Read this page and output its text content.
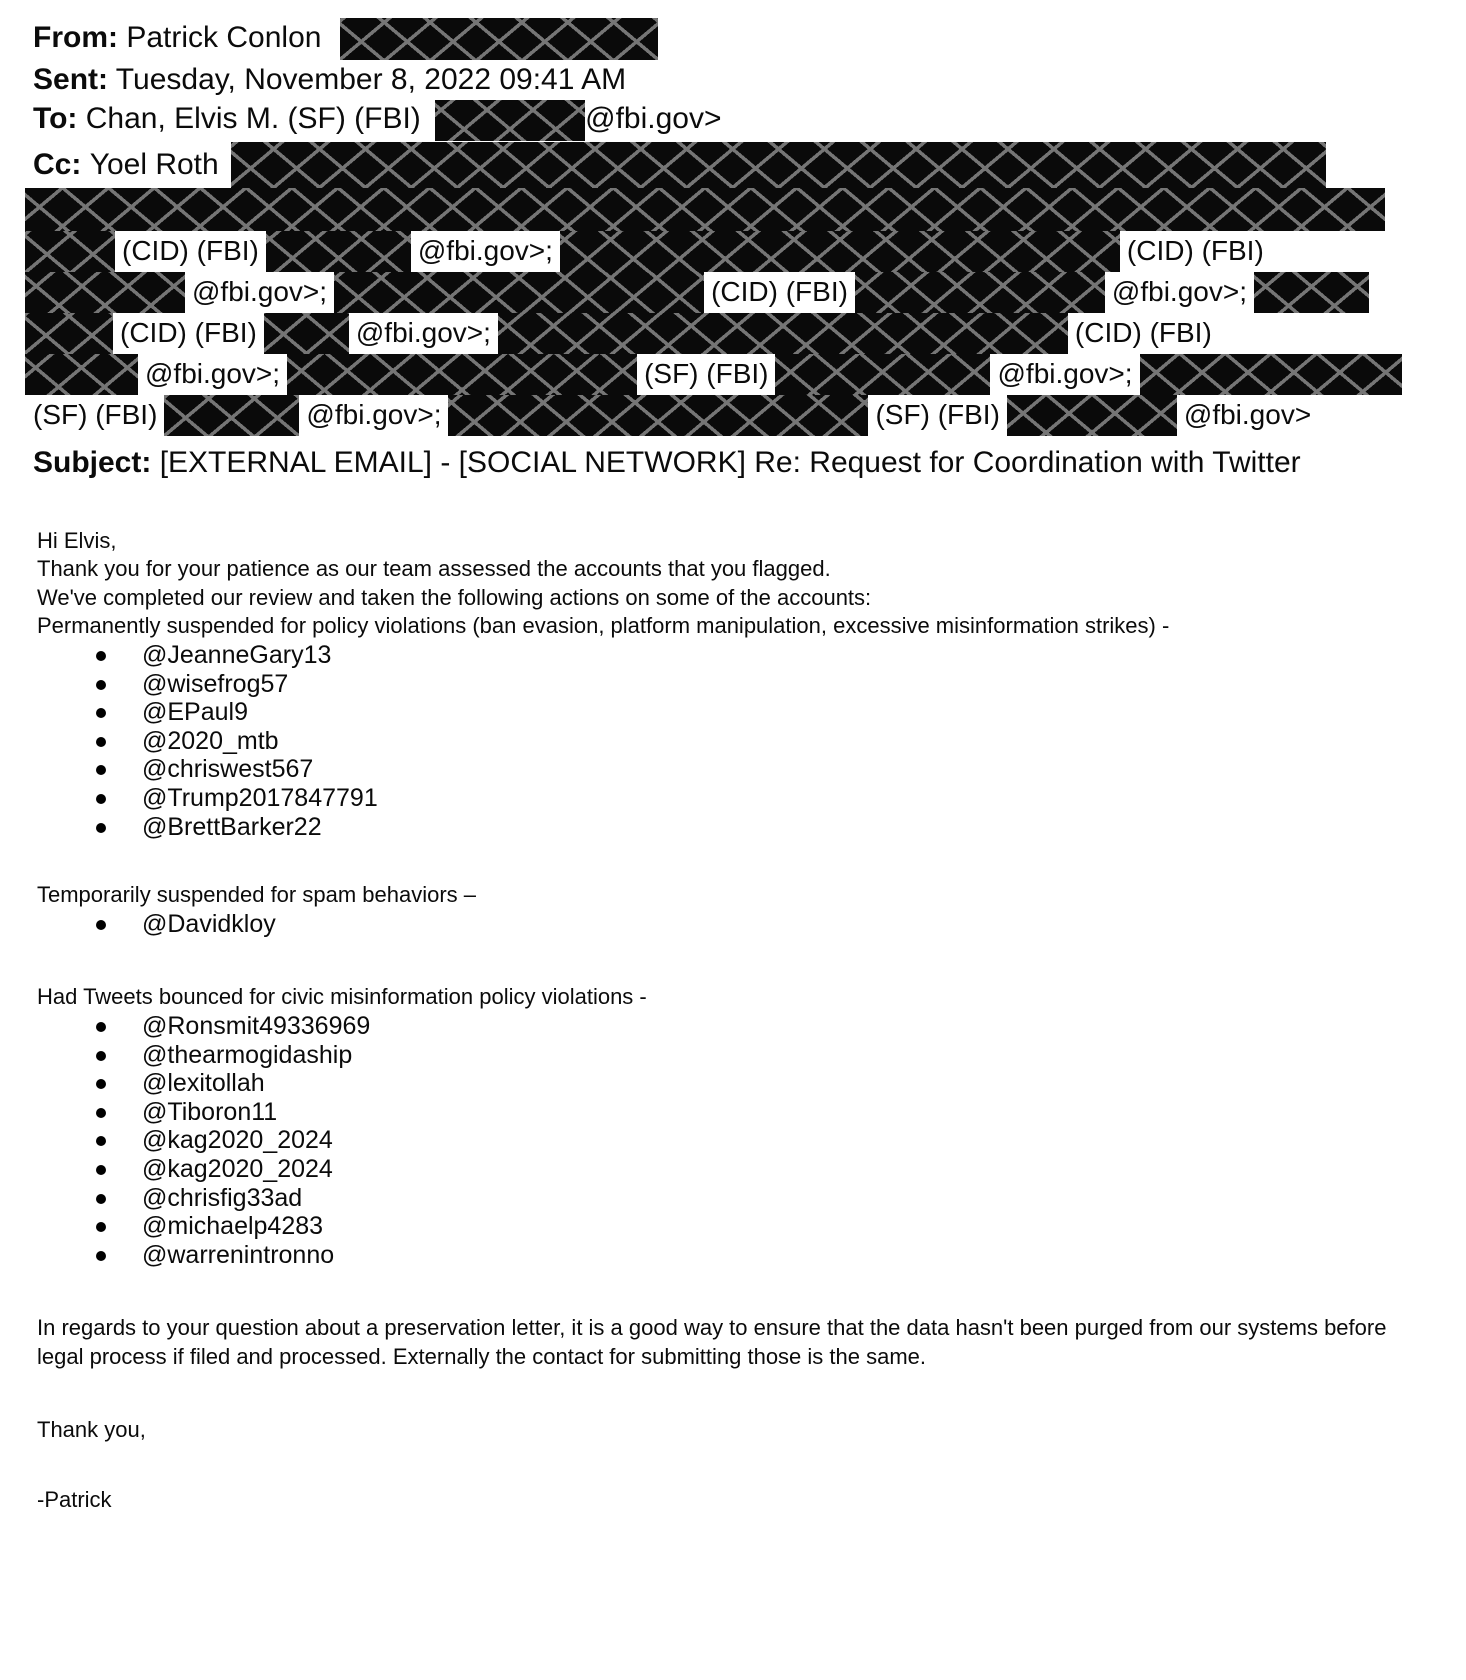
From: Patrick Conlon
Sent: Tuesday, November 8, 2022 09:41 AM
To: Chan, Elvis M. (SF) (FBI)	@fbi.gov>
Cc:
Yoel Roth
(CID) (FBI)	@fbi.gov>;	(CID) (FBI)
@fbi.gov>;	(CID) (FBI)	@fbi.gov>;
(CID) (FBI)	@fbi.gov>;	(CID) (FBI)
@fbi.gov>;	(SF) (FBI)	@fbi.gov>;
(SF) (FBI)	@fbi.gov>;	(SF) (FBI)	@fbi.gov>
Subject: [EXTERNAL EMAIL] - [SOCIAL NETWORK] Re: Request for Coordination with Twitter
Hi Elvis,
Thank you for your patience as our team assessed the accounts that you flagged.
We've completed our review and taken the following actions on some of the accounts:
Permanently suspended for policy violations (ban evasion, platform manipulation, excessive misinformation strikes) -
@JeanneGary13
@wisefrog57
@EPaul9
@2020_mtb
@chriswest567
@Trump2017847791
@BrettBarker22
Temporarily suspended for spam behaviors –
@Davidkloy
Had Tweets bounced for civic misinformation policy violations -
@Ronsmit49336969
@thearmogidaship
@lexitollah
@Tiboron11
@kag2020_2024
@kag2020_2024
@chrisfig33ad
@michaelp4283
@warrenintronno
In regards to your question about a preservation letter, it is a good way to ensure that the data hasn't been purged from our systems before legal process if filed and processed. Externally the contact for submitting those is the same.
Thank you,
-Patrick
